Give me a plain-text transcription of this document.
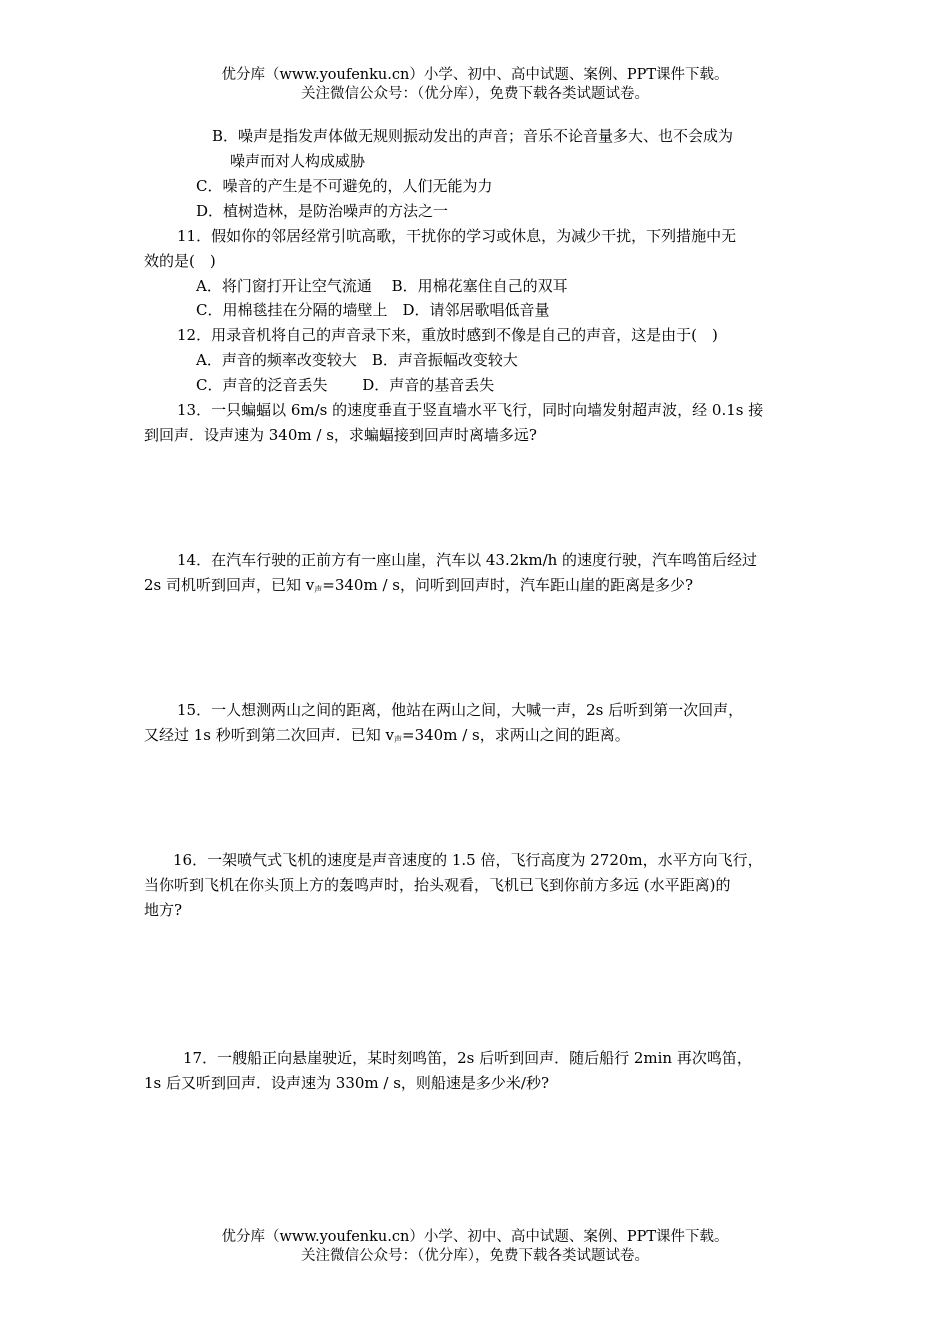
优分库（www.youfenku.cn）小学、初中、高中试题、案例、PPT课件下载。
关注微信公众号：（优分库），免费下载各类试题试卷。
B．噪声是指发声体做无规则振动发出的声音；音乐不论音量多大、也不会成为
噪声而对人构成威胁
C．噪音的产生是不可避免的，人们无能为力
D．植树造林，是防治噪声的方法之一
11．假如你的邻居经常引吭高歌，干扰你的学习或休息，为减少干扰，下列措施中无
效的是(　)
A．将门窗打开让空气流通　 B．用棉花塞住自己的双耳
C．用棉毯挂在分隔的墙壁上　D．请邻居歌唱低音量
12．用录音机将自己的声音录下来，重放时感到不像是自己的声音，这是由于(　)
A．声音的频率改变较大　B．声音振幅改变较大
C．声音的泛音丢失　　 D．声音的基音丢失
13．一只蝙蝠以 6m/s 的速度垂直于竖直墙水平飞行，同时向墙发射超声波，经 0.1s 接
到回声．设声速为 340m / s，求蝙蝠接到回声时离墙多远?
14．在汽车行驶的正前方有一座山崖，汽车以 43.2km/h 的速度行驶，汽车鸣笛后经过
2s 司机听到回声，已知 $v_声=340m / s$，问听到回声时，汽车距山崖的距离是多少?
15．一人想测两山之间的距离，他站在两山之间，大喊一声，2s 后听到第一次回声，
又经过 1s 秒听到第二次回声．已知 $v_声=340m / s$，求两山之间的距离。
16．一架喷气式飞机的速度是声音速度的 1.5 倍，飞行高度为 2720m，水平方向飞行，
当你听到飞机在你头顶上方的轰鸣声时，抬头观看，飞机已飞到你前方多远 (水平距离)的
地方?
17．一艘船正向悬崖驶近，某时刻鸣笛，2s 后听到回声．随后船行 2min 再次鸣笛，
1s 后又听到回声．设声速为 330m / s，则船速是多少米/秒?
优分库（www.youfenku.cn）小学、初中、高中试题、案例、PPT课件下载。
关注微信公众号：（优分库），免费下载各类试题试卷。
